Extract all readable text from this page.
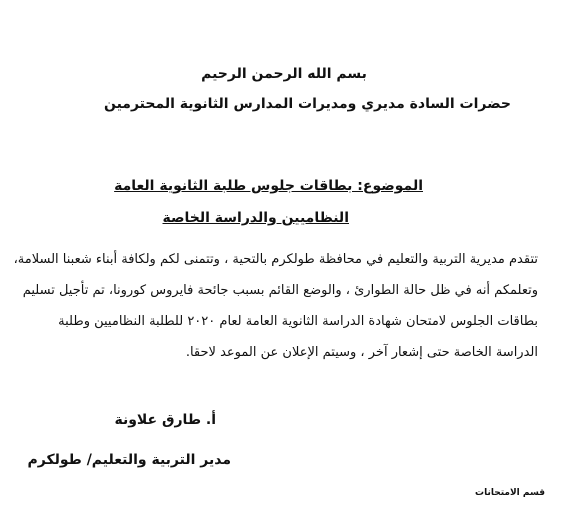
بسم الله الرحمن الرحيم
حضرات السادة مديري ومديرات المدارس الثانوية المحترمين
الموضوع: بطاقات جلوس طلبة الثانوية العامة
النظاميين والدراسة الخاصة
تتقدم مديرية التربية والتعليم في محافظة طولكرم بالتحية ، وتتمنى لكم ولكافة أبناء شعبنا السلامة،
وتعلمكم أنه في ظل حالة الطوارئ ، والوضع القائم بسبب جائحة فايروس كورونا، تم تأجيل تسليم
بطاقات الجلوس لامتحان شهادة الدراسة الثانوية العامة لعام ٢٠٢٠ للطلبة النظاميين وطلبة
الدراسة الخاصة حتى إشعار آخر ، وسيتم الإعلان عن الموعد لاحقا.
أ. طارق علاونة
مدير التربية والتعليم/ طولكرم
قسم الامتحانات
